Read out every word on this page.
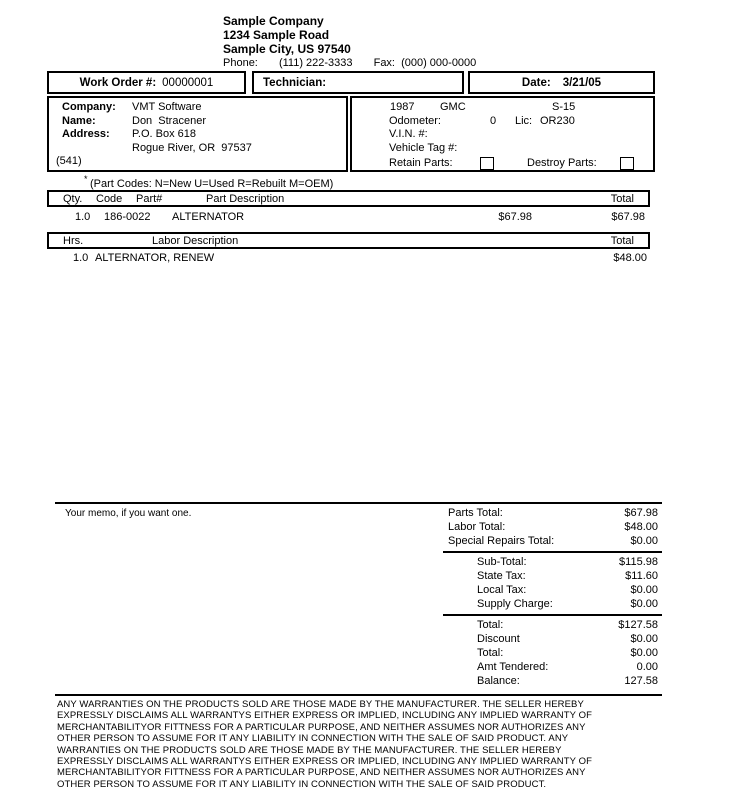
Sample Company
1234 Sample Road
Sample City, US 97540
Phone: (111) 222-3333 Fax: (000) 000-0000
Work Order #: 00000001	Technician:	Date: 3/21/05
Company: VMT Software
Name:	Don  Stracener
Address: P.O. Box 618
Rogue River, OR  97537
(541)
1987 GMC	S-15
Odometer:	0 Lic: OR230
V.I.N. #:
Vehicle Tag #:
Retain Parts:	Destroy Parts:
* (Part Codes: N=New U=Used R=Rebuilt M=OEM)
Qty. Code Part#	Part Description	Total
1.0 186-0022 ALTERNATOR	$67.98	$67.98
Hrs.	Labor Description	Total
1.0 ALTERNATOR, RENEW	$48.00
Your memo, if you want one.	Parts Total:	$67.98
Labor Total:	$48.00
Special Repairs Total:	$0.00
Sub-Total:	$115.98
State Tax:	$11.60
Local Tax:	$0.00
Supply Charge:	$0.00
Total:	$127.58
Discount	$0.00
Total:	$0.00
Amt Tendered:	0.00
Balance:	127.58
ANY WARRANTIES ON THE PRODUCTS SOLD ARE THOSE MADE BY THE MANUFACTURER. THE SELLER HEREBY
EXPRESSLY DISCLAIMS ALL WARRANTYS EITHER EXPRESS OR IMPLIED, INCLUDING ANY IMPLIED WARRANTY OF
MERCHANTABILITYOR FITTNESS FOR A PARTICULAR PURPOSE, AND NEITHER ASSUMES NOR AUTHORIZES ANY
OTHER PERSON TO ASSUME FOR IT ANY LIABILITY IN CONNECTION WITH THE SALE OF SAID PRODUCT. ANY
WARRANTIES ON THE PRODUCTS SOLD ARE THOSE MADE BY THE MANUFACTURER. THE SELLER HEREBY
EXPRESSLY DISCLAIMS ALL WARRANTYS EITHER EXPRESS OR IMPLIED, INCLUDING ANY IMPLIED WARRANTY OF
MERCHANTABILITYOR FITTNESS FOR A PARTICULAR PURPOSE, AND NEITHER ASSUMES NOR AUTHORIZES ANY
OTHER PERSON TO ASSUME FOR IT ANY LIABILITY IN CONNECTION WITH THE SALE OF SAID PRODUCT.
